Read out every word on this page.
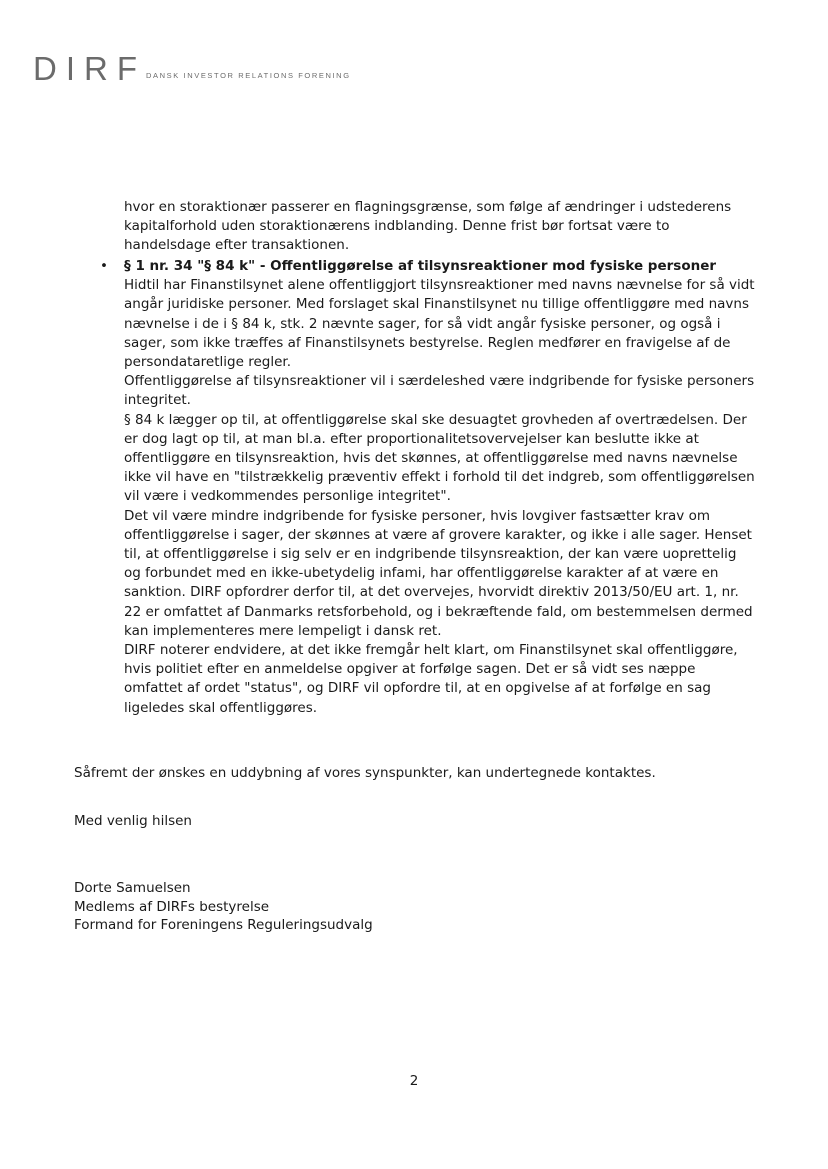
DIRF DANSK INVESTOR RELATIONS FORENING

hvor en storaktionær passerer en flagningsgrænse, som følge af ændringer i udstederens kapitalforhold uden storaktionærens indblanding. Denne frist bør fortsat være to handelsdage efter transaktionen.

• § 1 nr. 34 "§ 84 k" - Offentliggørelse af tilsynsreaktioner mod fysiske personer
Hidtil har Finanstilsynet alene offentliggjort tilsynsreaktioner med navns nævnelse for så vidt angår juridiske personer. Med forslaget skal Finanstilsynet nu tillige offentliggøre med navns nævnelse i de i § 84 k, stk. 2 nævnte sager, for så vidt angår fysiske personer, og også i sager, som ikke træffes af Finanstilsynets bestyrelse. Reglen medfører en fravigelse af de persondataretlige regler.
Offentliggørelse af tilsynsreaktioner vil i særdeleshed være indgribende for fysiske personers integritet.
§ 84 k lægger op til, at offentliggørelse skal ske desuagtet grovheden af overtrædelsen. Der er dog lagt op til, at man bl.a. efter proportionalitetsovervejelser kan beslutte ikke at offentliggøre en tilsynsreaktion, hvis det skønnes, at offentliggørelse med navns nævnelse ikke vil have en "tilstrækkelig præventiv effekt i forhold til det indgreb, som offentliggørelsen vil være i vedkommendes personlige integritet".
Det vil være mindre indgribende for fysiske personer, hvis lovgiver fastsætter krav om offentliggørelse i sager, der skønnes at være af grovere karakter, og ikke i alle sager. Henset til, at offentliggørelse i sig selv er en indgribende tilsynsreaktion, der kan være uoprettelig og forbundet med en ikke-ubetydelig infami, har offentliggørelse karakter af at være en sanktion. DIRF opfordrer derfor til, at det overvejes, hvorvidt direktiv 2013/50/EU art. 1, nr. 22 er omfattet af Danmarks retsforbehold, og i bekræftende fald, om bestemmelsen dermed kan implementeres mere lempeligt i dansk ret.
DIRF noterer endvidere, at det ikke fremgår helt klart, om Finanstilsynet skal offentliggøre, hvis politiet efter en anmeldelse opgiver at forfølge sagen. Det er så vidt ses næppe omfattet af ordet "status", og DIRF vil opfordre til, at en opgivelse af at forfølge en sag ligeledes skal offentliggøres.

Såfremt der ønskes en uddybning af vores synspunkter, kan undertegnede kontaktes.

Med venlig hilsen

Dorte Samuelsen
Medlems af DIRFs bestyrelse
Formand for Foreningens Reguleringsudvalg
2
